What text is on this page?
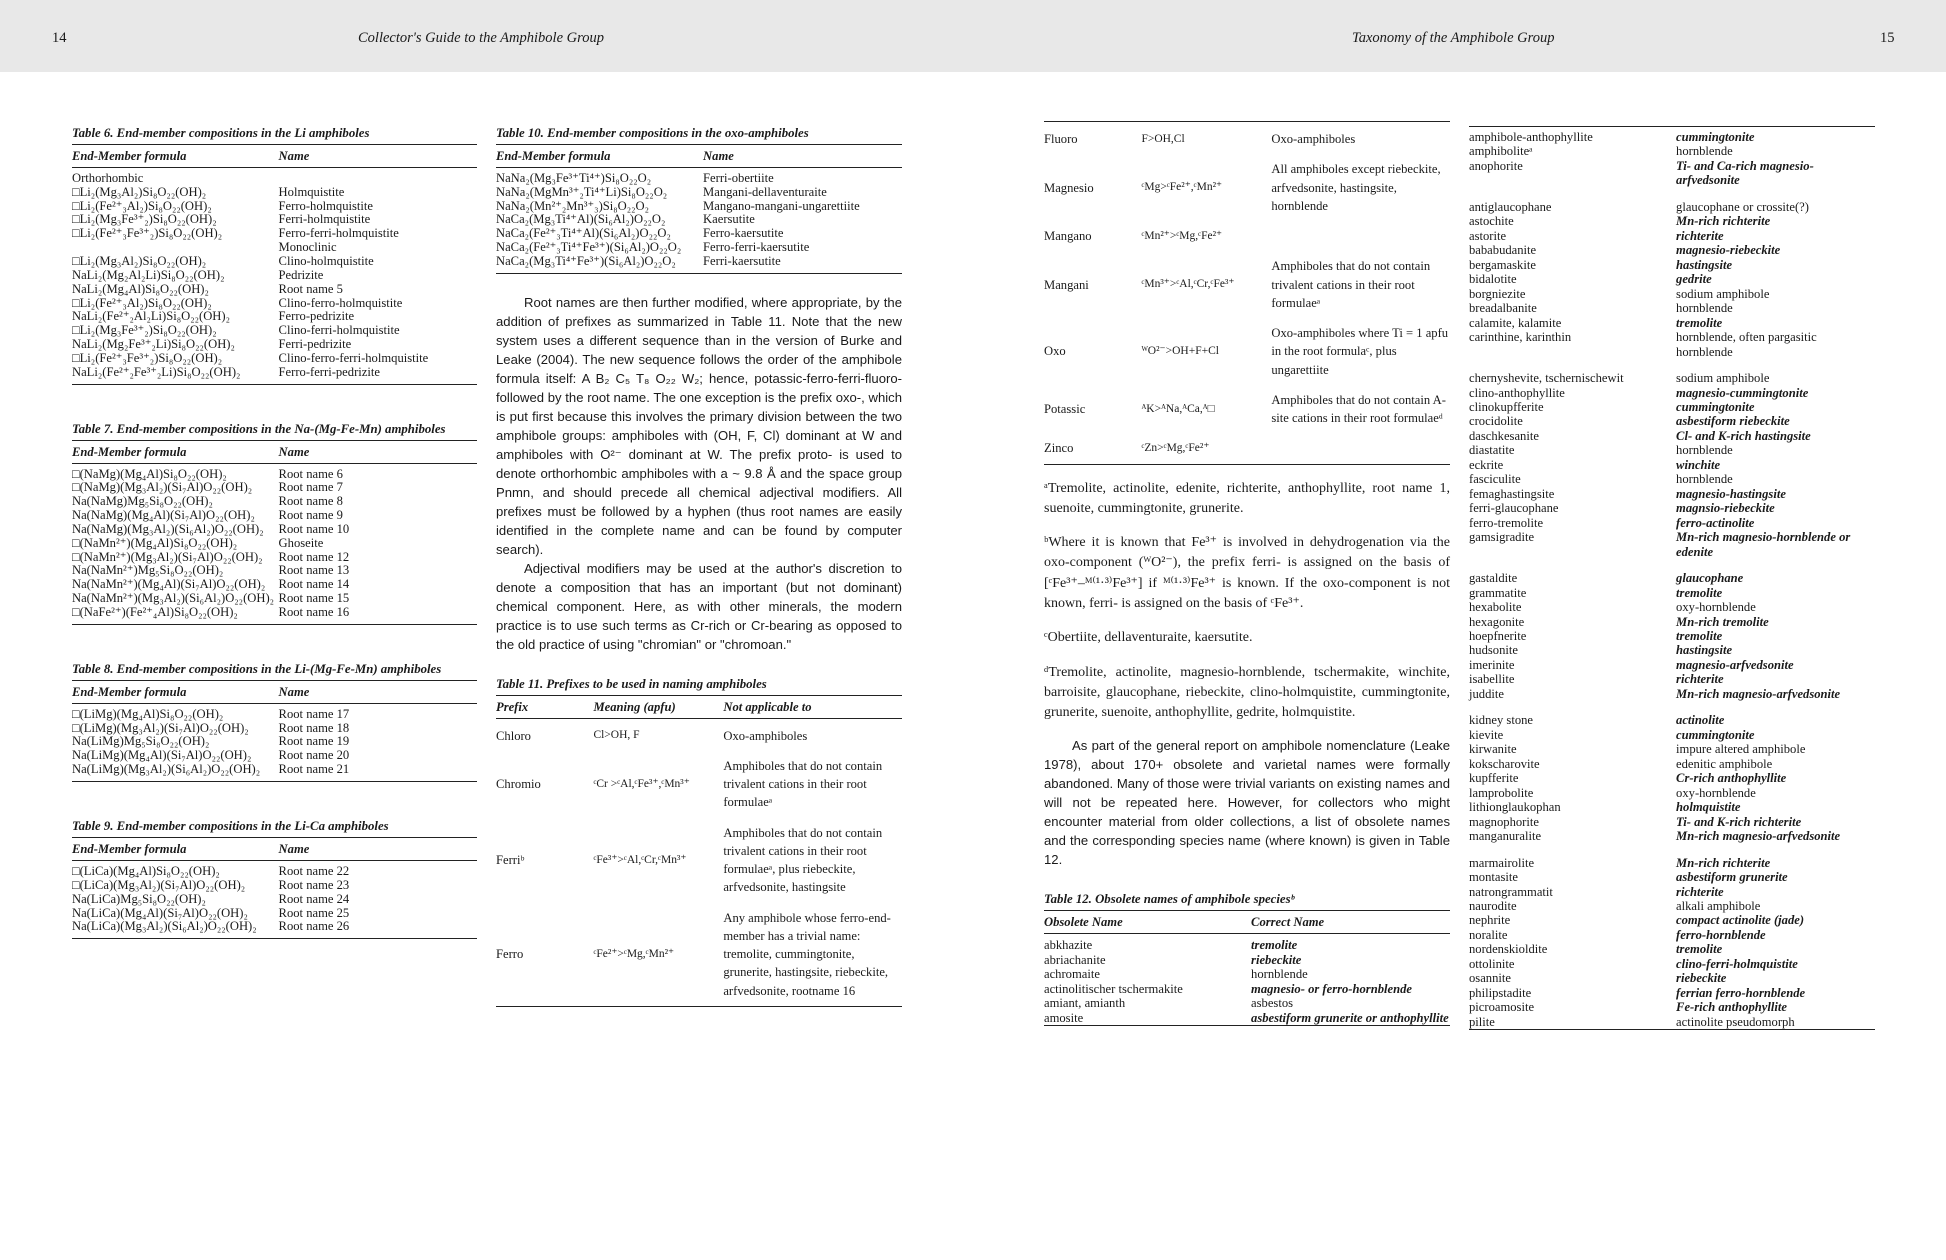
14	Collector's Guide to the Amphibole Group	Taxonomy of the Amphibole Group	15
Table 6. End-member compositions in the Li amphiboles
End-Member formula	Name
Orthorhombic	
□Li₂(Mg₃Al₂)Si₈O₂₂(OH)₂	Holmquistite
□Li₂(Fe²⁺₃Al₂)Si₈O₂₂(OH)₂	Ferro-holmquistite
□Li₂(Mg₃Fe³⁺₂)Si₈O₂₂(OH)₂	Ferri-holmquistite
□Li₂(Fe²⁺₃Fe³⁺₂)Si₈O₂₂(OH)₂	Ferro-ferri-holmquistite
	Monoclinic
□Li₂(Mg₃Al₂)Si₈O₂₂(OH)₂	Clino-holmquistite
NaLi₂(Mg₂Al₂Li)Si₈O₂₂(OH)₂	Pedrizite
NaLi₂(Mg₄Al)Si₈O₂₂(OH)₂	Root name 5
□Li₂(Fe²⁺₃Al₂)Si₈O₂₂(OH)₂	Clino-ferro-holmquistite
NaLi₂(Fe²⁺₂Al₂Li)Si₈O₂₂(OH)₂	Ferro-pedrizite
□Li₂(Mg₃Fe³⁺₂)Si₈O₂₂(OH)₂	Clino-ferri-holmquistite
NaLi₂(Mg₂Fe³⁺₂Li)Si₈O₂₂(OH)₂	Ferri-pedrizite
□Li₂(Fe²⁺₃Fe³⁺₂)Si₈O₂₂(OH)₂	Clino-ferro-ferri-holmquistite
NaLi₂(Fe²⁺₂Fe³⁺₂Li)Si₈O₂₂(OH)₂	Ferro-ferri-pedrizite
Table 7. End-member compositions in the Na-(Mg-Fe-Mn) amphiboles
End-Member formula	Name
□(NaMg)(Mg₄Al)Si₈O₂₂(OH)₂	Root name 6
□(NaMg)(Mg₃Al₂)(Si₇Al)O₂₂(OH)₂	Root name 7
Na(NaMg)Mg₅Si₈O₂₂(OH)₂	Root name 8
Na(NaMg)(Mg₄Al)(Si₇Al)O₂₂(OH)₂	Root name 9
Na(NaMg)(Mg₃Al₂)(Si₆Al₂)O₂₂(OH)₂	Root name 10
□(NaMn²⁺)(Mg₄Al)Si₈O₂₂(OH)₂	Ghoseite
□(NaMn²⁺)(Mg₃Al₂)(Si₇Al)O₂₂(OH)₂	Root name 12
Na(NaMn²⁺)Mg₅Si₈O₂₂(OH)₂	Root name 13
Na(NaMn²⁺)(Mg₄Al)(Si₇Al)O₂₂(OH)₂	Root name 14
Na(NaMn²⁺)(Mg₃Al₂)(Si₆Al₂)O₂₂(OH)₂	Root name 15
□(NaFe²⁺)(Fe²⁺₄Al)Si₈O₂₂(OH)₂	Root name 16
Table 8. End-member compositions in the Li-(Mg-Fe-Mn) amphiboles
End-Member formula	Name
□(LiMg)(Mg₄Al)Si₈O₂₂(OH)₂	Root name 17
□(LiMg)(Mg₃Al₂)(Si₇Al)O₂₂(OH)₂	Root name 18
Na(LiMg)Mg₅Si₈O₂₂(OH)₂	Root name 19
Na(LiMg)(Mg₄Al)(Si₇Al)O₂₂(OH)₂	Root name 20
Na(LiMg)(Mg₃Al₂)(Si₆Al₂)O₂₂(OH)₂	Root name 21
Table 9. End-member compositions in the Li-Ca amphiboles
End-Member formula	Name
□(LiCa)(Mg₄Al)Si₈O₂₂(OH)₂	Root name 22
□(LiCa)(Mg₃Al₂)(Si₇Al)O₂₂(OH)₂	Root name 23
Na(LiCa)Mg₅Si₈O₂₂(OH)₂	Root name 24
Na(LiCa)(Mg₄Al)(Si₇Al)O₂₂(OH)₂	Root name 25
Na(LiCa)(Mg₃Al₂)(Si₆Al₂)O₂₂(OH)₂	Root name 26
Table 10. End-member compositions in the oxo-amphiboles
End-Member formula	Name
NaNa₂(Mg₃Fe³⁺Ti⁴⁺)Si₈O₂₂O₂	Ferri-obertiite
NaNa₂(MgMn³⁺₂Ti⁴⁺Li)Si₈O₂₂O₂	Mangani-dellaventuraite
NaNa₂(Mn²⁺₂Mn³⁺₃)Si₈O₂₂O₂	Mangano-mangani-ungarettiite
NaCa₂(Mg₃Ti⁴⁺Al)(Si₆Al₂)O₂₂O₂	Kaersutite
NaCa₂(Fe²⁺₃Ti⁴⁺Al)(Si₆Al₂)O₂₂O₂	Ferro-kaersutite
NaCa₂(Fe²⁺₃Ti⁴⁺Fe³⁺)(Si₆Al₂)O₂₂O₂	Ferro-ferri-kaersutite
NaCa₂(Mg₃Ti⁴⁺Fe³⁺)(Si₆Al₂)O₂₂O₂	Ferri-kaersutite

Root names are then further modified, where appropriate, by the addition of prefixes as summarized in Table 11. Note that the new system uses a different sequence than in the version of Burke and Leake (2004). The new sequence follows the order of the amphibole formula itself: A B₂ C₅ T₈ O₂₂ W₂; hence, potassic-ferro-ferri-fluoro- followed by the root name. The one exception is the prefix oxo-, which is put first because this involves the primary division between the two amphibole groups: amphiboles with (OH, F, Cl) dominant at W and amphiboles with O²⁻ dominant at W. The prefix proto- is used to denote orthorhombic amphiboles with a ~ 9.8 Å and the space group Pnmn, and should precede all chemical adjectival modifiers. All prefixes must be followed by a hyphen (thus root names are easily identified in the complete name and can be found by computer search).

Adjectival modifiers may be used at the author's discretion to denote a composition that has an important (but not dominant) chemical component. Here, as with other minerals, the modern practice is to use such terms as Cr-rich or Cr-bearing as opposed to the old practice of using "chromian" or "chromoan."

Table 11. Prefixes to be used in naming amphiboles
Prefix	Meaning (apfu)	Not applicable to
Chloro	Cl>OH, F	Oxo-amphiboles
Chromio	ᶜCr >ᶜAl,ᶜFe³⁺,ᶜMn³⁺	Amphiboles that do not contain trivalent cations in their root formulaeᵃ
Ferriᵇ	ᶜFe³⁺>ᶜAl,ᶜCr,ᶜMn³⁺	Amphiboles that do not contain trivalent cations in their root formulaeᵃ, plus riebeckite, arfvedsonite, hastingsite
Ferro	ᶜFe²⁺>ᶜMg,ᶜMn²⁺	Any amphibole whose ferro-end-member has a trivial name: tremolite, cummingtonite, grunerite, hastingsite, riebeckite, arfvedsonite, rootname 16
Fluoro	F>OH,Cl	Oxo-amphiboles
Magnesio	ᶜMg>ᶜFe²⁺,ᶜMn²⁺	All amphiboles except riebeckite, arfvedsonite, hastingsite, hornblende
Mangano	ᶜMn²⁺>ᶜMg,ᶜFe²⁺	
Mangani	ᶜMn³⁺>ᶜAl,ᶜCr,ᶜFe³⁺	Amphiboles that do not contain trivalent cations in their root formulaeᵃ
Oxo	ᵂO²⁻>OH+F+Cl	Oxo-amphiboles where Ti = 1 apfu in the root formulaᶜ, plus ungarettiite
Potassic	ᴬK>ᴬNa,ᴬCa,ᴬ□	Amphiboles that do not contain A-site cations in their root formulaeᵈ
Zinco	ᶜZn>ᶜMg,ᶜFe²⁺	

ᵃTremolite, actinolite, edenite, richterite, anthophyllite, root name 1, suenoite, cummingtonite, grunerite.

ᵇWhere it is known that Fe³⁺ is involved in dehydrogenation via the oxo-component (ᵂO²⁻), the prefix ferri- is assigned on the basis of [ᶜFe³⁺–ᴹ⁽¹·³⁾Fe³⁺] if ᴹ⁽¹·³⁾Fe³⁺ is known. If the oxo-component is not known, ferri- is assigned on the basis of ᶜFe³⁺.

ᶜObertiite, dellaventuraite, kaersutite.

ᵈTremolite, actinolite, magnesio-hornblende, tschermakite, winchite, barroisite, glaucophane, riebeckite, clino-holmquistite, cummingtonite, grunerite, suenoite, anthophyllite, gedrite, holmquistite.

As part of the general report on amphibole nomenclature (Leake 1978), about 170+ obsolete and varietal names were formally abandoned. Many of those were trivial variants on existing names and will not be repeated here. However, for collectors who might encounter material from older collections, a list of obsolete names and the corresponding species name (where known) is given in Table 12.

Table 12. Obsolete names of amphibole speciesᵇ
Obsolete Name	Correct Name
abkhazite	tremolite
abriachanite	riebeckite
achromaite	hornblende
actinolitischer tschermakite	magnesio- or ferro-hornblende
amiant, amianth	asbestos
amosite	asbestiform grunerite or anthophyllite
amphibole-anthophyllite	cummingtonite
amphiboliteᵃ	hornblende
anophorite	Ti- and Ca-rich magnesio-arfvedsonite
antiglaucophane	glaucophane or crossite(?)
astochite	Mn-rich richterite
astorite	richterite
bababudanite	magnesio-riebeckite
bergamaskite	hastingsite
bidalotite	gedrite
borgniezite	sodium amphibole
breadalbanite	hornblende
calamite, kalamite	tremolite
carinthine, karinthin	hornblende, often pargasitic hornblende
chernyshevite, tschernischewit	sodium amphibole
clino-anthophyllite	magnesio-cummingtonite
clinokupfferite	cummingtonite
crocidolite	asbestiform riebeckite
daschkesanite	Cl- and K-rich hastingsite
diastatite	hornblende
eckrite	winchite
fasciculite	hornblende
femaghastingsite	magnesio-hastingsite
ferri-glaucophane	magnsio-riebeckite
ferro-tremolite	ferro-actinolite
gamsigradite	Mn-rich magnesio-hornblende or edenite
gastaldite	glaucophane
grammatite	tremolite
hexabolite	oxy-hornblende
hexagonite	Mn-rich tremolite
hoepfnerite	tremolite
hudsonite	hastingsite
imerinite	magnesio-arfvedsonite
isabellite	richterite
juddite	Mn-rich magnesio-arfvedsonite
kidney stone	actinolite
kievite	cummingtonite
kirwanite	impure altered amphibole
kokscharovite	edenitic amphibole
kupfferite	Cr-rich anthophyllite
lamprobolite	oxy-hornblende
lithionglaukophan	holmquistite
magnophorite	Ti- and K-rich richterite
manganuralite	Mn-rich magnesio-arfvedsonite
marmairolite	Mn-rich richterite
montasite	asbestiform grunerite
natrongrammatit	richterite
naurodite	alkali amphibole
nephrite	compact actinolite (jade)
noralite	ferro-hornblende
nordenskioldite	tremolite
ottolinite	clino-ferri-holmquistite
osannite	riebeckite
philipstadite	ferrian ferro-hornblende
picroamosite	Fe-rich anthophyllite
pilite	actinolite pseudomorph
